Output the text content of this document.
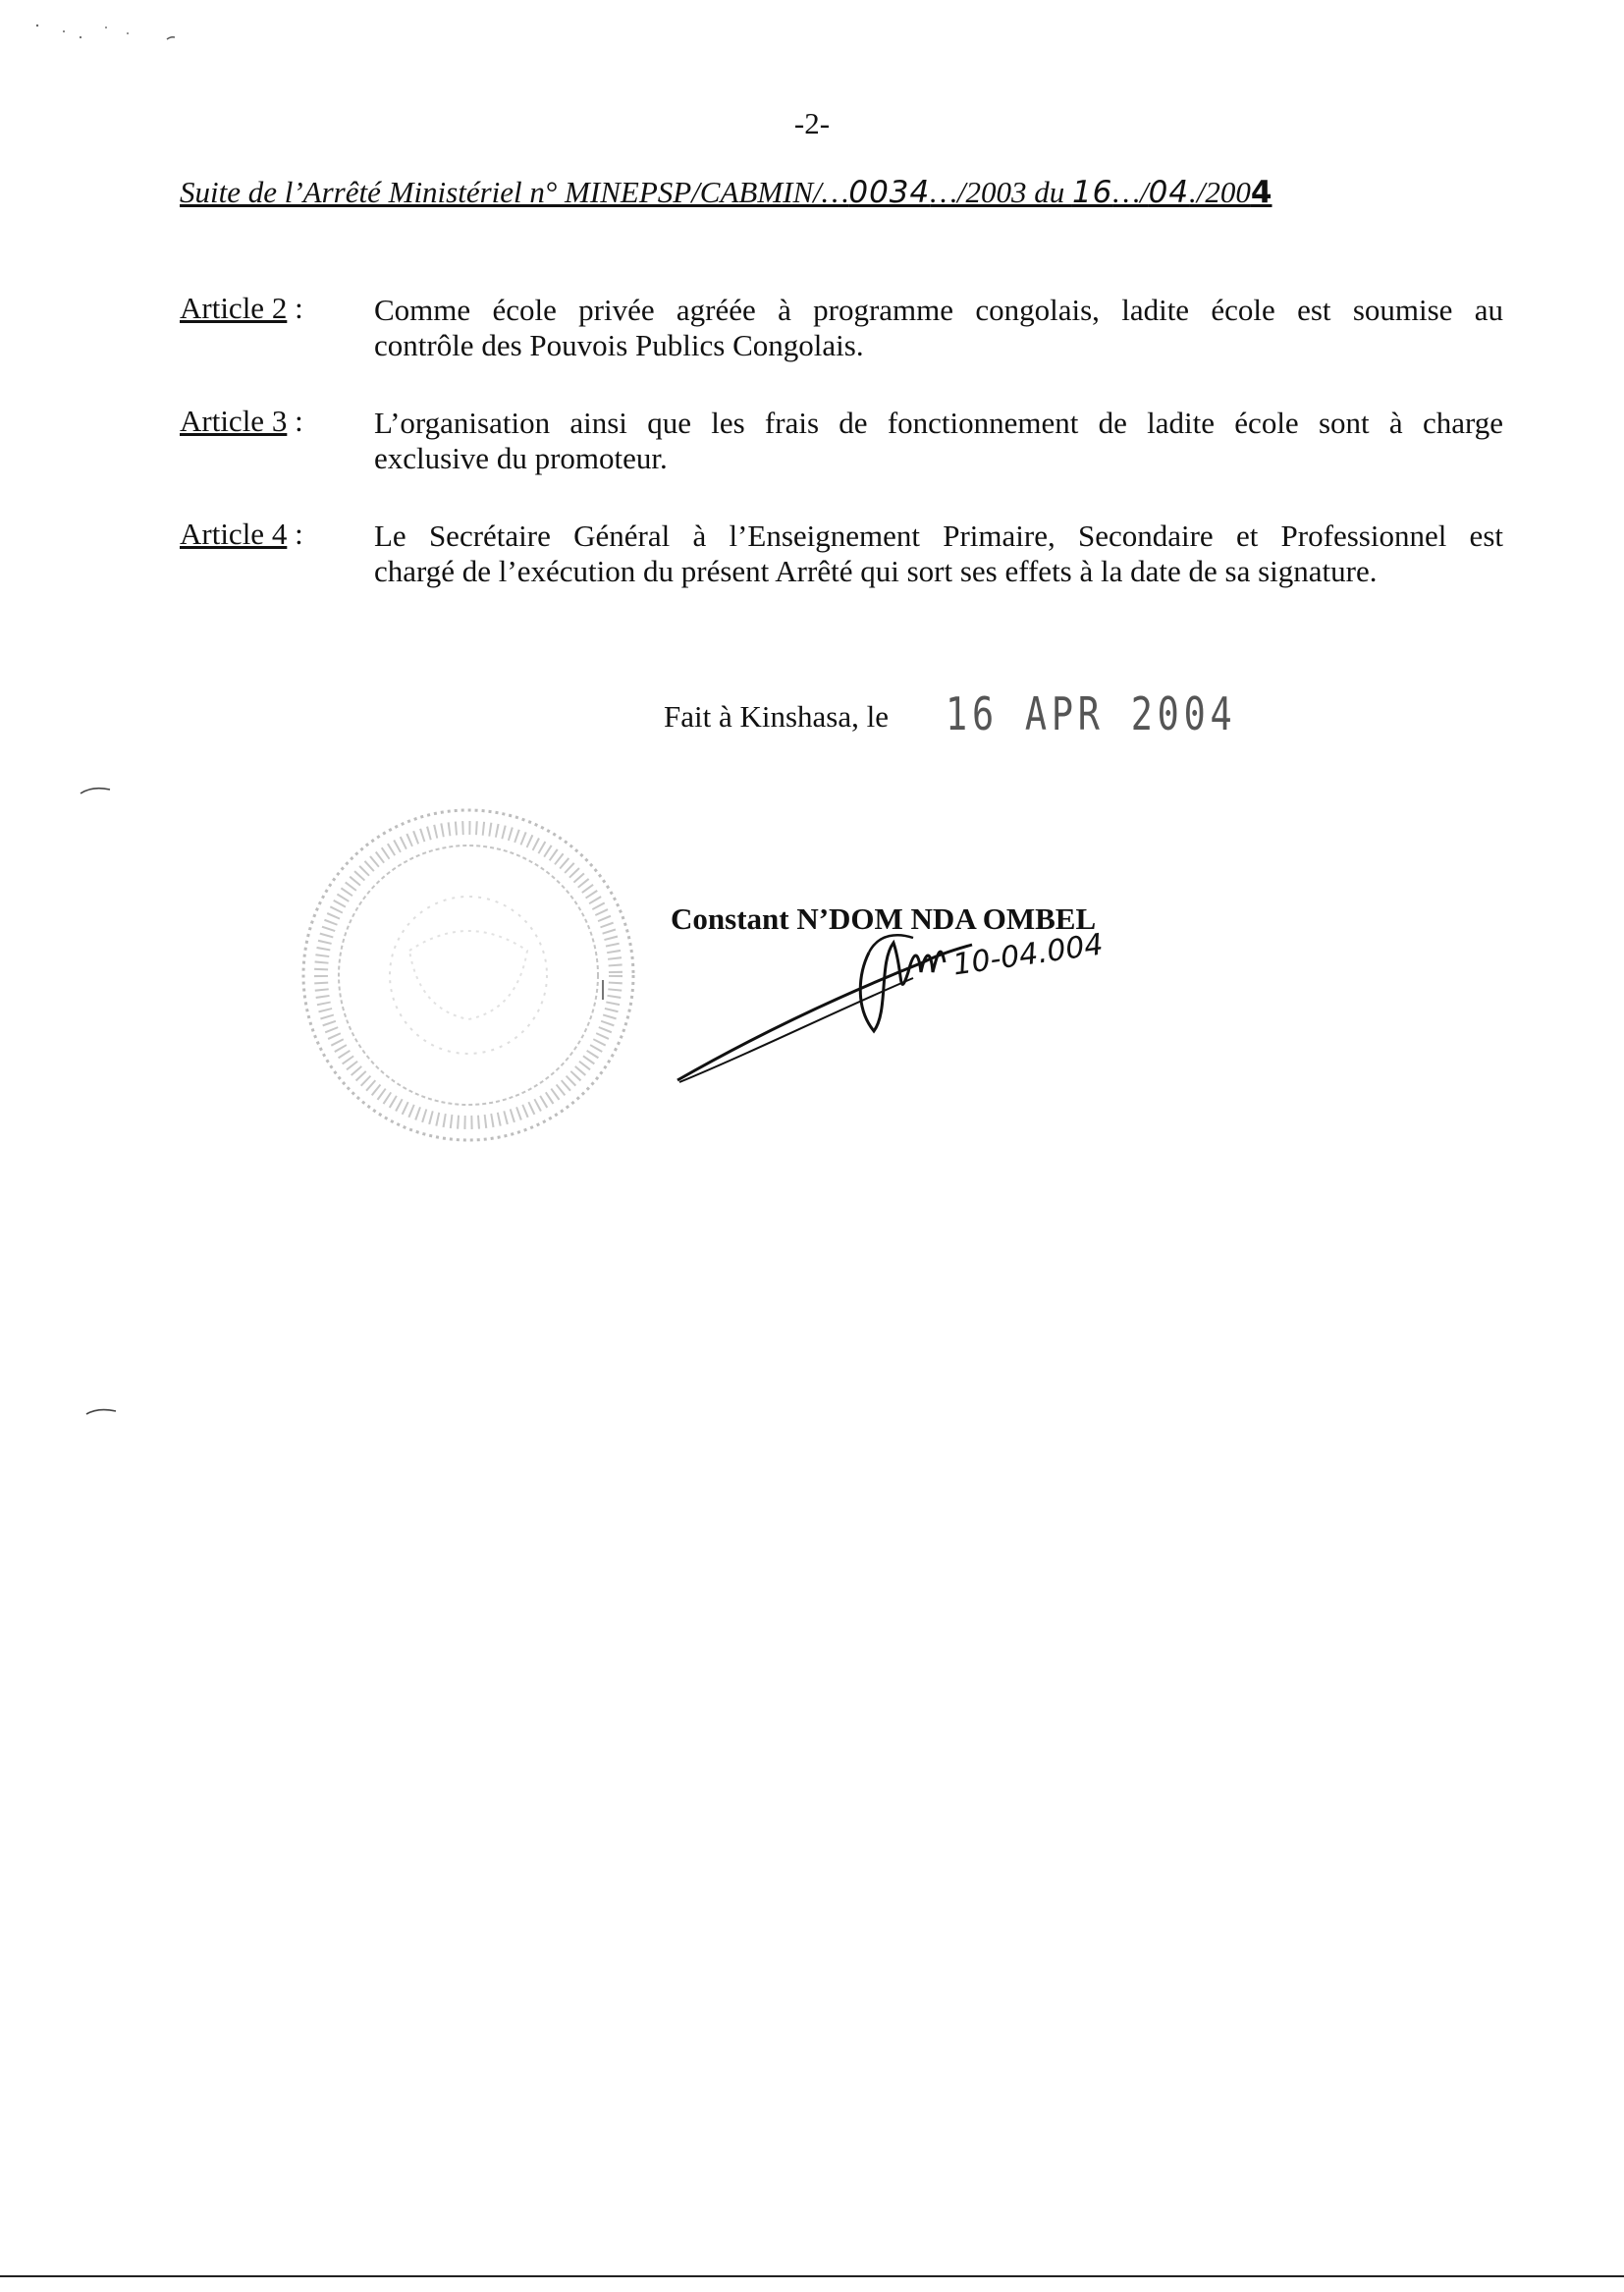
-2-
Suite de l’Arrêté Ministériel n° MINEPSP/CABMIN/…0034…/2003 du 16…/04./2004
Article 2 : Comme école privée agréée à programme congolais, ladite école est soumise au
contrôle des Pouvois Publics Congolais.
Article 3 : L’organisation ainsi que les frais de fonctionnement de ladite école sont à charge
exclusive du promoteur.
Article 4 : Le Secrétaire Général à l’Enseignement Primaire, Secondaire et Professionnel est
chargé de l’exécution du présent Arrêté qui sort ses effets à la date de sa signature.
Fait à Kinshasa, le 16 APR 2004
Constant N’DOM NDA OMBEL
10-04.004
